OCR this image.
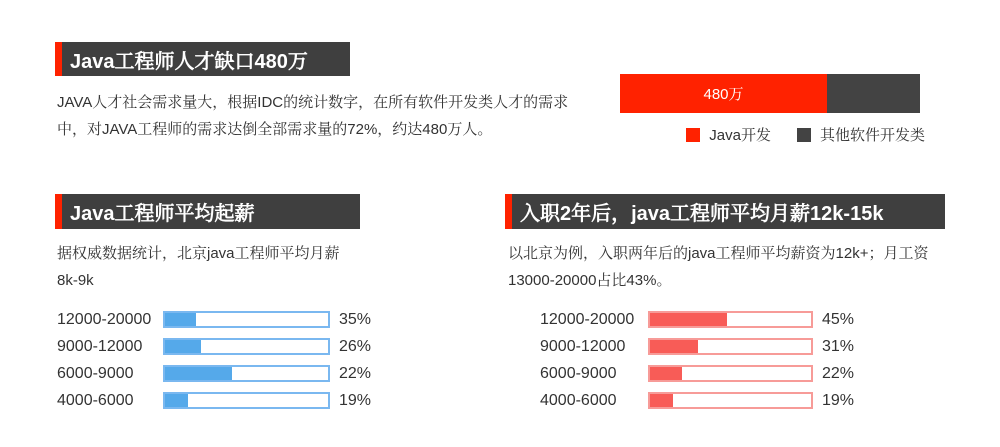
Java工程师人才缺口480万
JAVA人才社会需求量大，根据IDC的统计数字，在所有软件开发类人才的需求
中，对JAVA工程师的需求达倒全部需求量的72%，约达480万人。
480万
Java开发	其他软件开发类
Java工程师平均起薪
据权威数据统计，北京java工程师平均月薪
8k-9k
12000-20000	35%
9000-12000	26%
6000-9000	22%
4000-6000	19%
入职2年后，java工程师平均月薪12k-15k
以北京为例，入职两年后的java工程师平均薪资为12k+；月工资
13000-20000占比43%。
12000-20000	45%
9000-12000	31%
6000-9000	22%
4000-6000	19%
